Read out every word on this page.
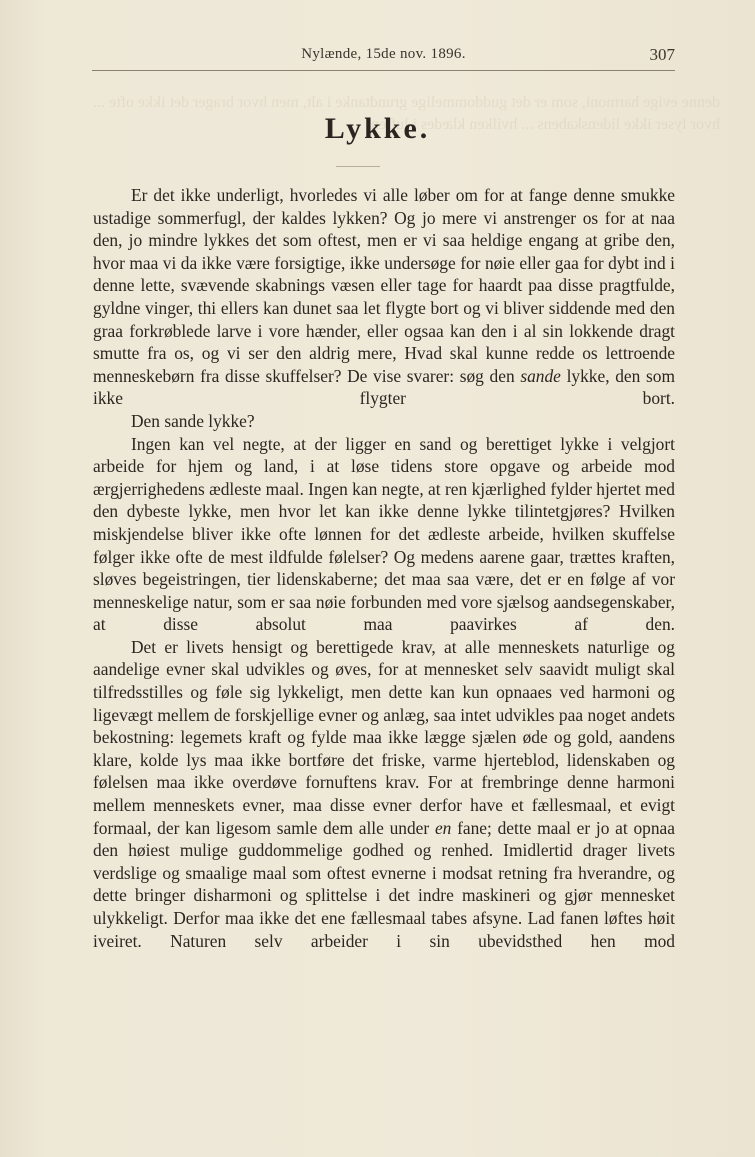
denne evige harmoni, som er det guddommelige grundtanke i alt, men hvor brager det ikke ofte ... hvor lyser ikke lidenskabens ... hvilken klædes i luften
Nylænde, 15de nov. 1896.	307
Lykke.

Er det ikke underligt, hvorledes vi alle løber om for at fange denne smukke ustadige sommerfugl, der kaldes lykken? Og jo mere vi anstrenger os for at naa den, jo mindre lykkes det som oftest, men er vi saa heldige engang at gribe den, hvor maa vi da ikke være forsigtige, ikke undersøge for nøie eller gaa for dybt ind i denne lette, svævende skabnings væsen eller tage for haardt paa disse pragtfulde, gyldne vinger, thi ellers kan dunet saa let flygte bort og vi bliver siddende med den graa forkrøblede larve i vore hænder, eller ogsaa kan den i al sin lokkende dragt smutte fra os, og vi ser den aldrig mere, Hvad skal kunne redde os lettroende menneskebørn fra disse skuffelser? De vise svarer: søg den sande lykke, den som ikke flygter bort.

Den sande lykke?

Ingen kan vel negte, at der ligger en sand og berettiget lykke i velgjort arbeide for hjem og land, i at løse tidens store opgave og arbeide mod ærgjerrighedens ædleste maal. Ingen kan negte, at ren kjærlighed fylder hjertet med den dybeste lykke, men hvor let kan ikke denne lykke tilintetgjøres? Hvilken miskjendelse bliver ikke ofte lønnen for det ædleste arbeide, hvilken skuffelse følger ikke ofte de mest ildfulde følelser? Og medens aarene gaar, trættes kraften, sløves begeistringen, tier lidenskaberne; det maa saa være, det er en følge af vor menneskelige natur, som er saa nøie forbunden med vore sjælsog aandsegenskaber, at disse absolut maa paavirkes af den.

Det er livets hensigt og berettigede krav, at alle menneskets naturlige og aandelige evner skal udvikles og øves, for at mennesket selv saavidt muligt skal tilfredsstilles og føle sig lykkeligt, men dette kan kun opnaaes ved harmoni og ligevægt mellem de forskjellige evner og anlæg, saa intet udvikles paa noget andets bekostning: legemets kraft og fylde maa ikke lægge sjælen øde og gold, aandens klare, kolde lys maa ikke bortføre det friske, varme hjerteblod, lidenskaben og følelsen maa ikke overdøve fornuftens krav. For at frembringe denne harmoni mellem menneskets evner, maa disse evner derfor have et fællesmaal, et evigt formaal, der kan ligesom samle dem alle under en fane; dette maal er jo at opnaa den høiest mulige guddommelige godhed og renhed. Imidlertid drager livets verdslige og smaalige maal som oftest evnerne i modsat retning fra hverandre, og dette bringer disharmoni og splittelse i det indre maskineri og gjør mennesket ulykkeligt. Derfor maa ikke det ene fællesmaal tabes afsyne. Lad fanen løftes høit iveiret. Naturen selv arbeider i sin ubevidsthed hen mod
